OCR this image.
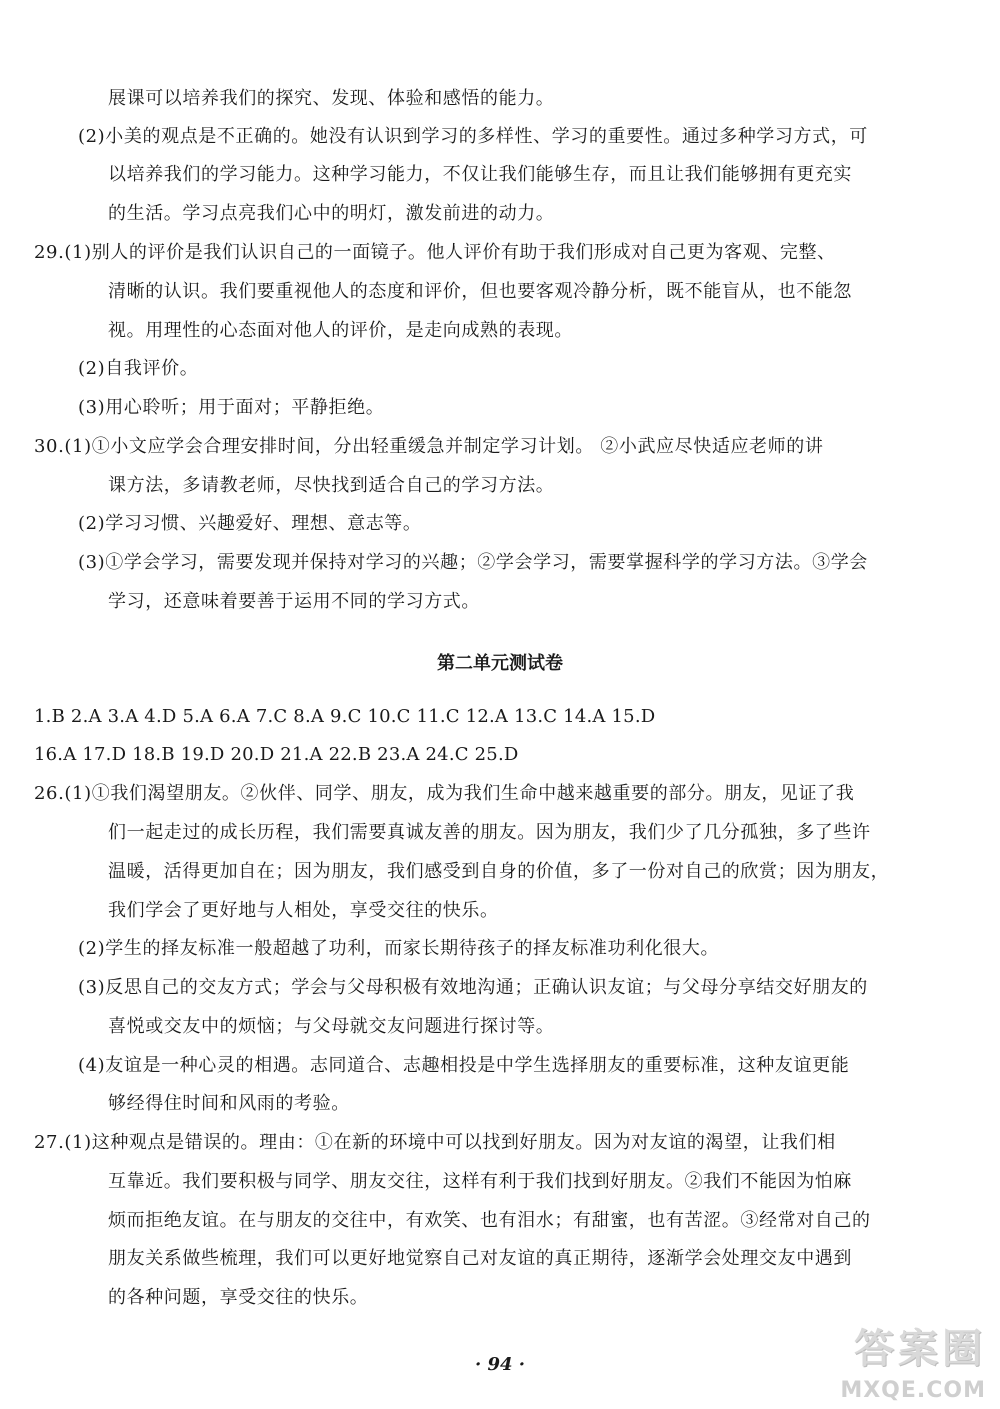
展课可以培养我们的探究、发现、体验和感悟的能力。
(2)小美的观点是不正确的。她没有认识到学习的多样性、学习的重要性。通过多种学习方式，可
以培养我们的学习能力。这种学习能力，不仅让我们能够生存，而且让我们能够拥有更充实
的生活。学习点亮我们心中的明灯，激发前进的动力。
29.(1)别人的评价是我们认识自己的一面镜子。他人评价有助于我们形成对自己更为客观、完整、
清晰的认识。我们要重视他人的态度和评价，但也要客观冷静分析，既不能盲从，也不能忽
视。用理性的心态面对他人的评价，是走向成熟的表现。
(2)自我评价。
(3)用心聆听；用于面对；平静拒绝。
30.(1)①小文应学会合理安排时间，分出轻重缓急并制定学习计划。 ②小武应尽快适应老师的讲
课方法，多请教老师，尽快找到适合自己的学习方法。
(2)学习习惯、兴趣爱好、理想、意志等。
(3)①学会学习，需要发现并保持对学习的兴趣；②学会学习，需要掌握科学的学习方法。③学会
学习，还意味着要善于运用不同的学习方式。
第二单元测试卷
1.B 2.A 3.A 4.D 5.A 6.A 7.C 8.A 9.C 10.C 11.C 12.A 13.C 14.A 15.D
16.A 17.D 18.B 19.D 20.D 21.A 22.B 23.A 24.C 25.D
26.(1)①我们渴望朋友。②伙伴、同学、朋友，成为我们生命中越来越重要的部分。朋友，见证了我
们一起走过的成长历程，我们需要真诚友善的朋友。因为朋友，我们少了几分孤独，多了些许
温暖，活得更加自在；因为朋友，我们感受到自身的价值，多了一份对自己的欣赏；因为朋友，
我们学会了更好地与人相处，享受交往的快乐。
(2)学生的择友标准一般超越了功利，而家长期待孩子的择友标准功利化很大。
(3)反思自己的交友方式；学会与父母积极有效地沟通；正确认识友谊；与父母分享结交好朋友的
喜悦或交友中的烦恼；与父母就交友问题进行探讨等。
(4)友谊是一种心灵的相遇。志同道合、志趣相投是中学生选择朋友的重要标准，这种友谊更能
够经得住时间和风雨的考验。
27.(1)这种观点是错误的。理由：①在新的环境中可以找到好朋友。因为对友谊的渴望，让我们相
互靠近。我们要积极与同学、朋友交往，这样有利于我们找到好朋友。②我们不能因为怕麻
烦而拒绝友谊。在与朋友的交往中，有欢笑、也有泪水；有甜蜜，也有苦涩。③经常对自己的
朋友关系做些梳理，我们可以更好地觉察自己对友谊的真正期待，逐渐学会处理交友中遇到
的各种问题，享受交往的快乐。
· 94 ·	答案圈
MXQE.COM
